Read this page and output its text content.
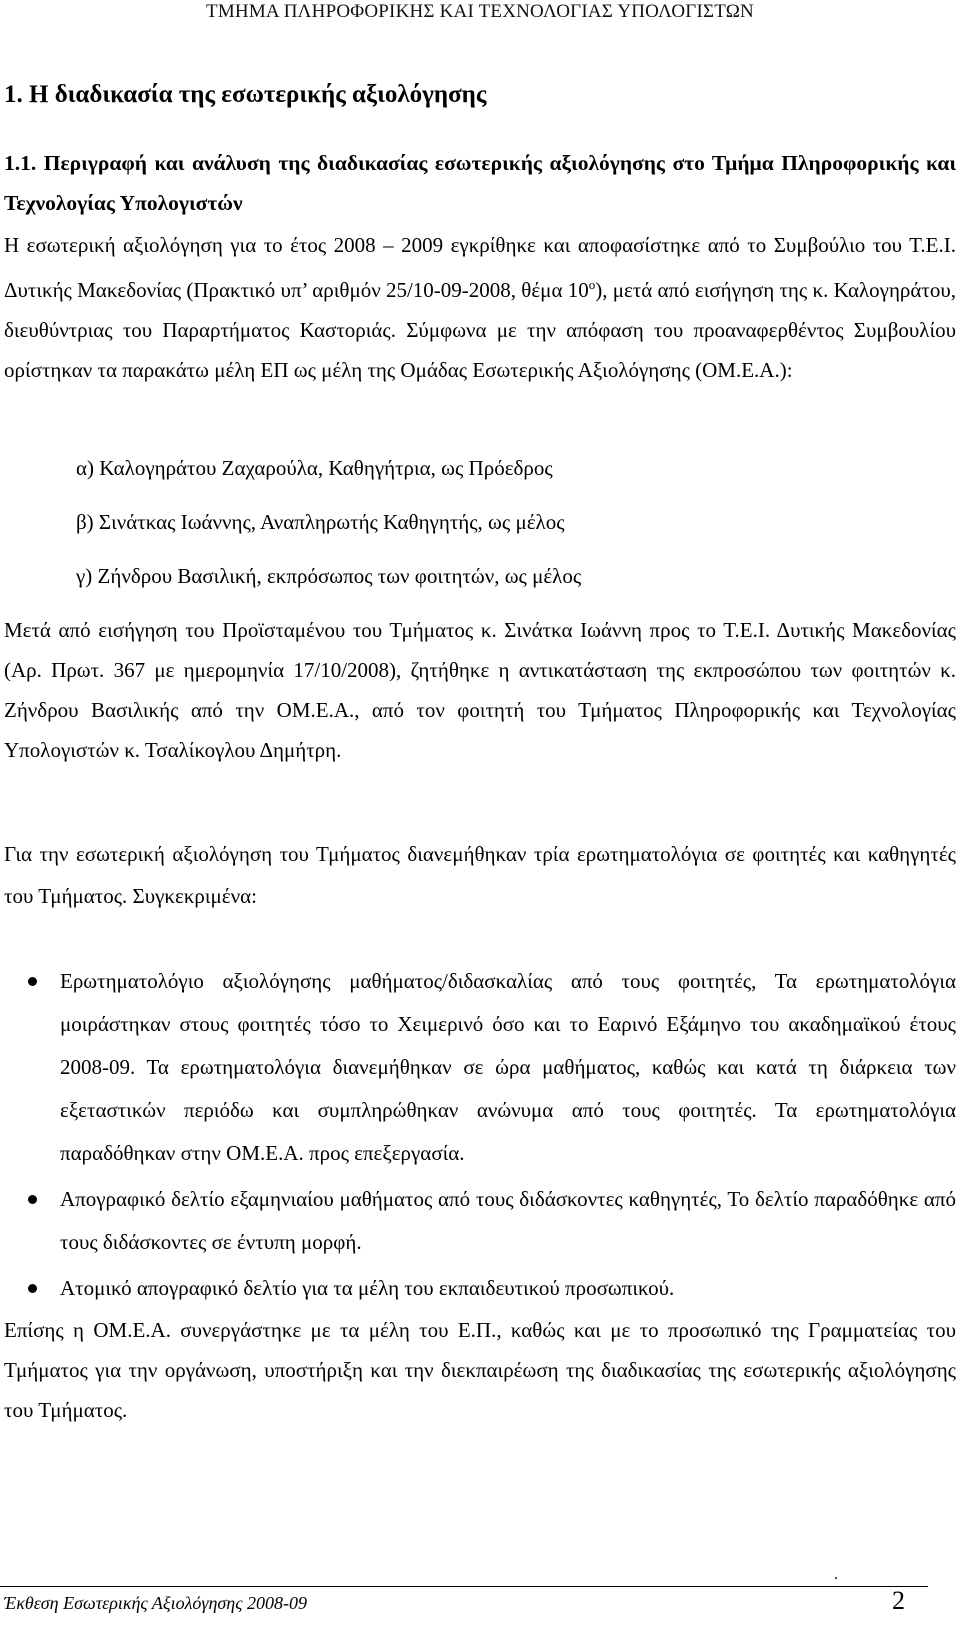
ΤΜΗΜΑ ΠΛΗΡΟΦΟΡΙΚΗΣ ΚΑΙ ΤΕΧΝΟΛΟΓΙΑΣ ΥΠΟΛΟΓΙΣΤΩΝ
1. Η διαδικασία της εσωτερικής αξιολόγησης
1.1. Περιγραφή και ανάλυση της διαδικασίας εσωτερικής αξιολόγησης στο Τμήμα Πληροφορικής και Τεχνολογίας Υπολογιστών

Η εσωτερική αξιολόγηση για το έτος 2008 – 2009 εγκρίθηκε και αποφασίστηκε από το Συμβούλιο του Τ.Ε.Ι. Δυτικής Μακεδονίας (Πρακτικό υπ’ αριθμόν 25/10-09-2008, θέμα $10^o$), μετά από εισήγηση της κ. Καλογηράτου, διευθύντριας του Παραρτήματος Καστοριάς. Σύμφωνα με την απόφαση του προαναφερθέντος Συμβουλίου ορίστηκαν τα παρακάτω μέλη ΕΠ ως μέλη της Ομάδας Εσωτερικής Αξιολόγησης (ΟΜ.Ε.Α.):

α) Καλογηράτου Ζαχαρούλα, Καθηγήτρια, ως Πρόεδρος

β) Σινάτκας Ιωάννης, Αναπληρωτής Καθηγητής, ως μέλος

γ) Ζήνδρου Βασιλική, εκπρόσωπος των φοιτητών, ως μέλος

Μετά από εισήγηση του Προϊσταμένου του Τμήματος κ. Σινάτκα Ιωάννη προς το Τ.Ε.Ι. Δυτικής Μακεδονίας (Αρ. Πρωτ. 367 με ημερομηνία 17/10/2008), ζητήθηκε η αντικατάσταση της εκπροσώπου των φοιτητών κ. Ζήνδρου Βασιλικής από την ΟΜ.Ε.Α., από τον φοιτητή του Τμήματος Πληροφορικής και Τεχνολογίας Υπολογιστών κ. Τσαλίκογλου Δημήτρη.

Για την εσωτερική αξιολόγηση του Τμήματος διανεμήθηκαν τρία ερωτηματολόγια σε φοιτητές και καθηγητές του Τμήματος. Συγκεκριμένα:

Ερωτηματολόγιο αξιολόγησης μαθήματος/διδασκαλίας από τους φοιτητές, Τα ερωτηματολόγια μοιράστηκαν στους φοιτητές τόσο το Χειμερινό όσο και το Εαρινό Εξάμηνο του ακαδημαϊκού έτους 2008-09. Τα ερωτηματολόγια διανεμήθηκαν σε ώρα μαθήματος, καθώς και κατά τη διάρκεια των εξεταστικών περιόδω και συμπληρώθηκαν ανώνυμα από τους φοιτητές. Τα ερωτηματολόγια παραδόθηκαν στην ΟΜ.Ε.Α. προς επεξεργασία.
Απογραφικό δελτίο εξαμηνιαίου μαθήματος από τους διδάσκοντες καθηγητές, Το δελτίο παραδόθηκε από τους διδάσκοντες σε έντυπη μορφή.
Ατομικό απογραφικό δελτίο για τα μέλη του εκπαιδευτικού προσωπικού.

Επίσης η ΟΜ.Ε.Α. συνεργάστηκε με τα μέλη του Ε.Π., καθώς και με το προσωπικό της Γραμματείας του Τμήματος για την οργάνωση, υποστήριξη και την διεκπαιρέωση της διαδικασίας της εσωτερικής αξιολόγησης του Τμήματος.

.
Έκθεση Εσωτερικής Αξιολόγησης 2008-09	2
